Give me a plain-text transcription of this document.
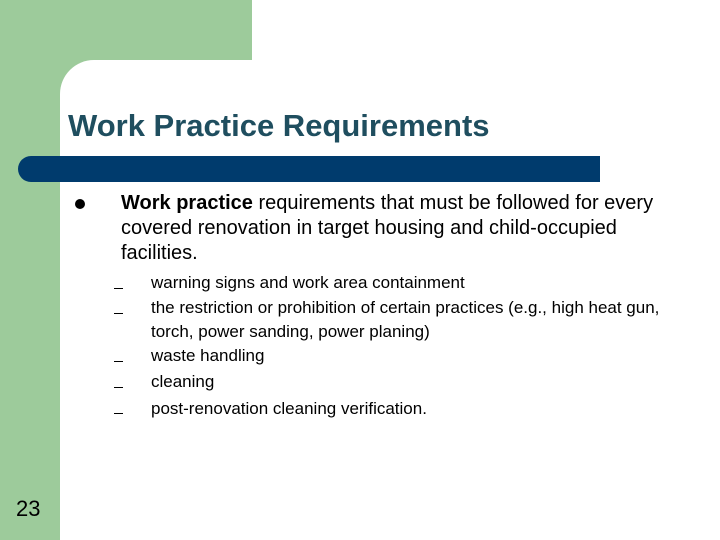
Work Practice Requirements
Work practice requirements that must be followed for every covered renovation in target housing and child-occupied facilities.
warning signs and work area containment
the restriction or prohibition of certain practices (e.g., high heat gun, torch, power sanding, power planing)
waste handling
cleaning
post-renovation cleaning verification.
23
